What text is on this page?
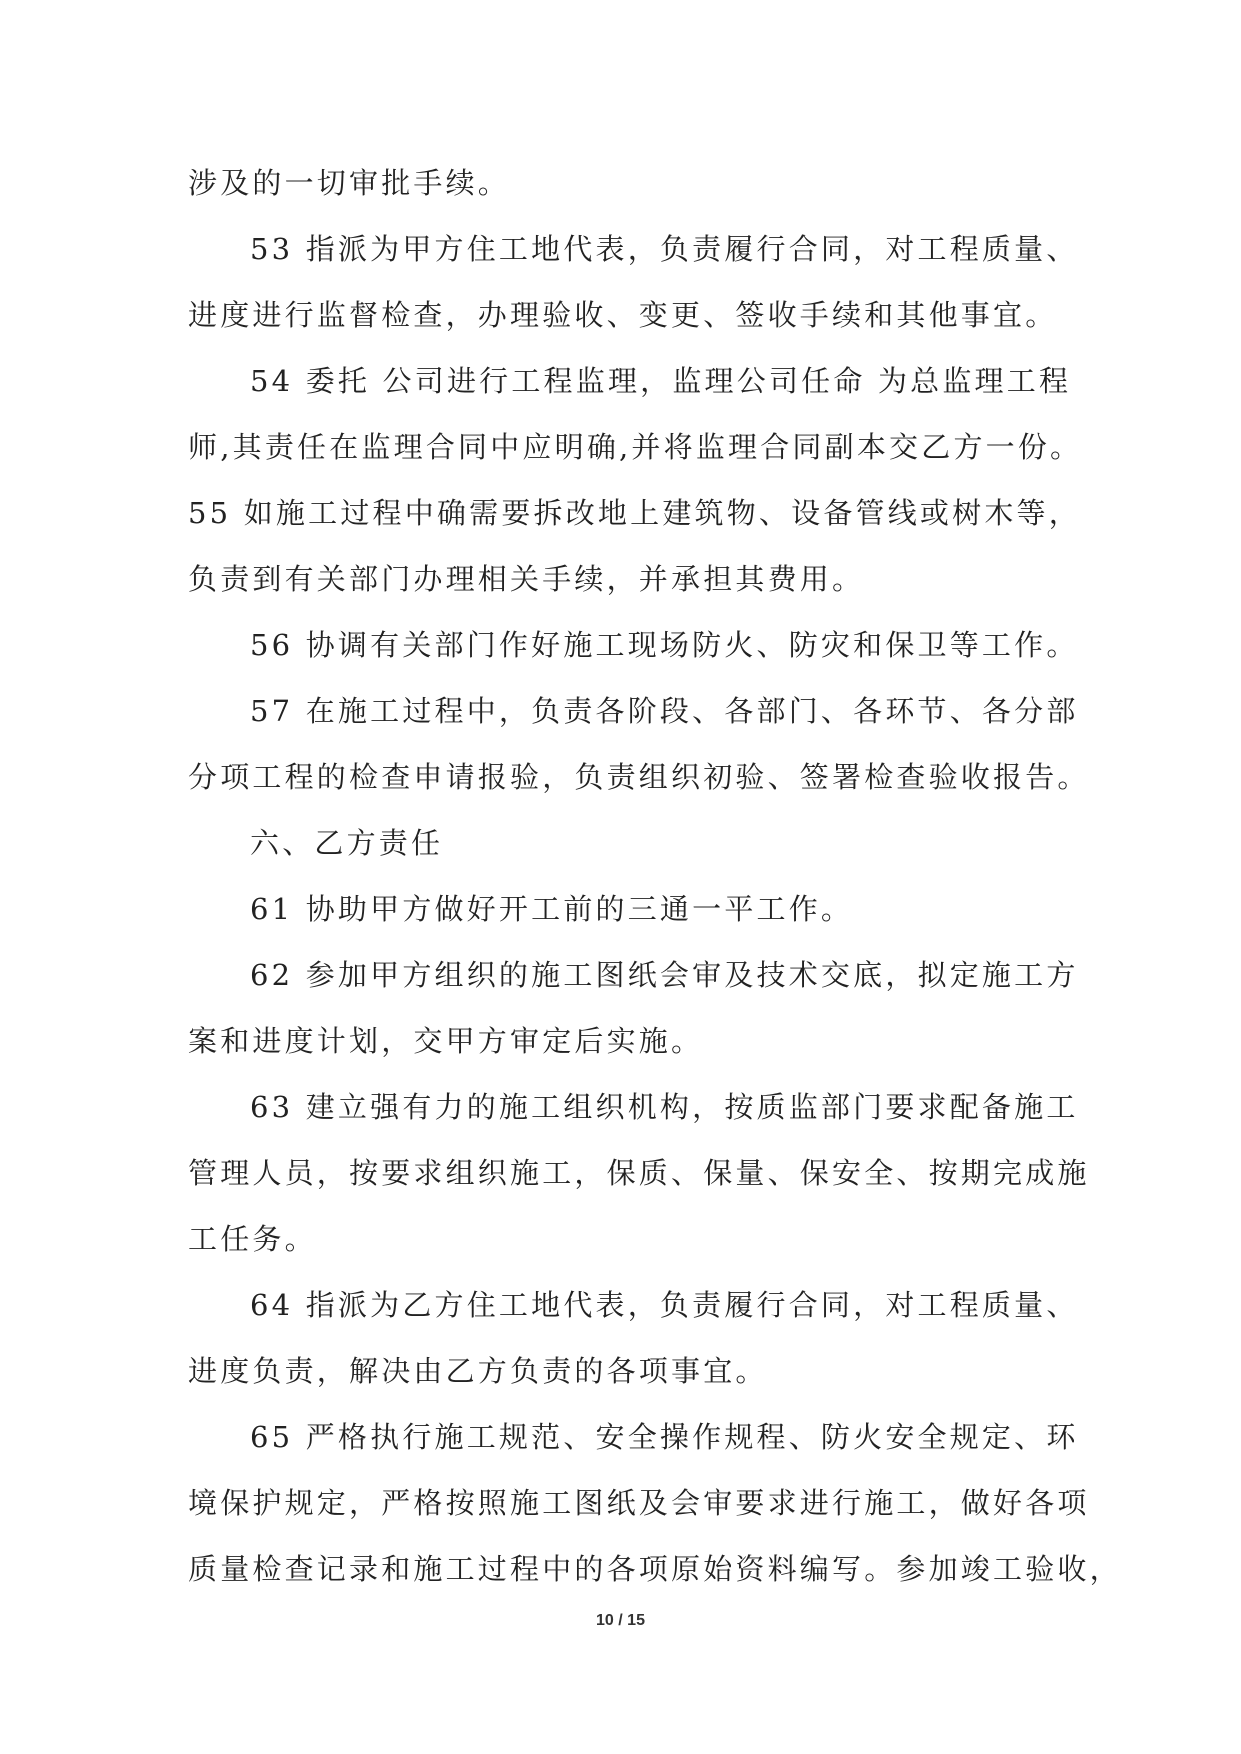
涉及的一切审批手续。
53 指派为甲方住工地代表，负责履行合同，对工程质量、
进度进行监督检查，办理验收、变更、签收手续和其他事宜。
54 委托 公司进行工程监理，监理公司任命 为总监理工程
师,其责任在监理合同中应明确,并将监理合同副本交乙方一份。
55 如施工过程中确需要拆改地上建筑物、设备管线或树木等，
负责到有关部门办理相关手续，并承担其费用。
56 协调有关部门作好施工现场防火、防灾和保卫等工作。
57 在施工过程中，负责各阶段、各部门、各环节、各分部
分项工程的检查申请报验，负责组织初验、签署检查验收报告。
六、乙方责任
61 协助甲方做好开工前的三通一平工作。
62 参加甲方组织的施工图纸会审及技术交底，拟定施工方
案和进度计划，交甲方审定后实施。
63 建立强有力的施工组织机构，按质监部门要求配备施工
管理人员，按要求组织施工，保质、保量、保安全、按期完成施
工任务。
64 指派为乙方住工地代表，负责履行合同，对工程质量、
进度负责，解决由乙方负责的各项事宜。
65 严格执行施工规范、安全操作规程、防火安全规定、环
境保护规定，严格按照施工图纸及会审要求进行施工，做好各项
质量检查记录和施工过程中的各项原始资料编写。参加竣工验收，
10 / 15
